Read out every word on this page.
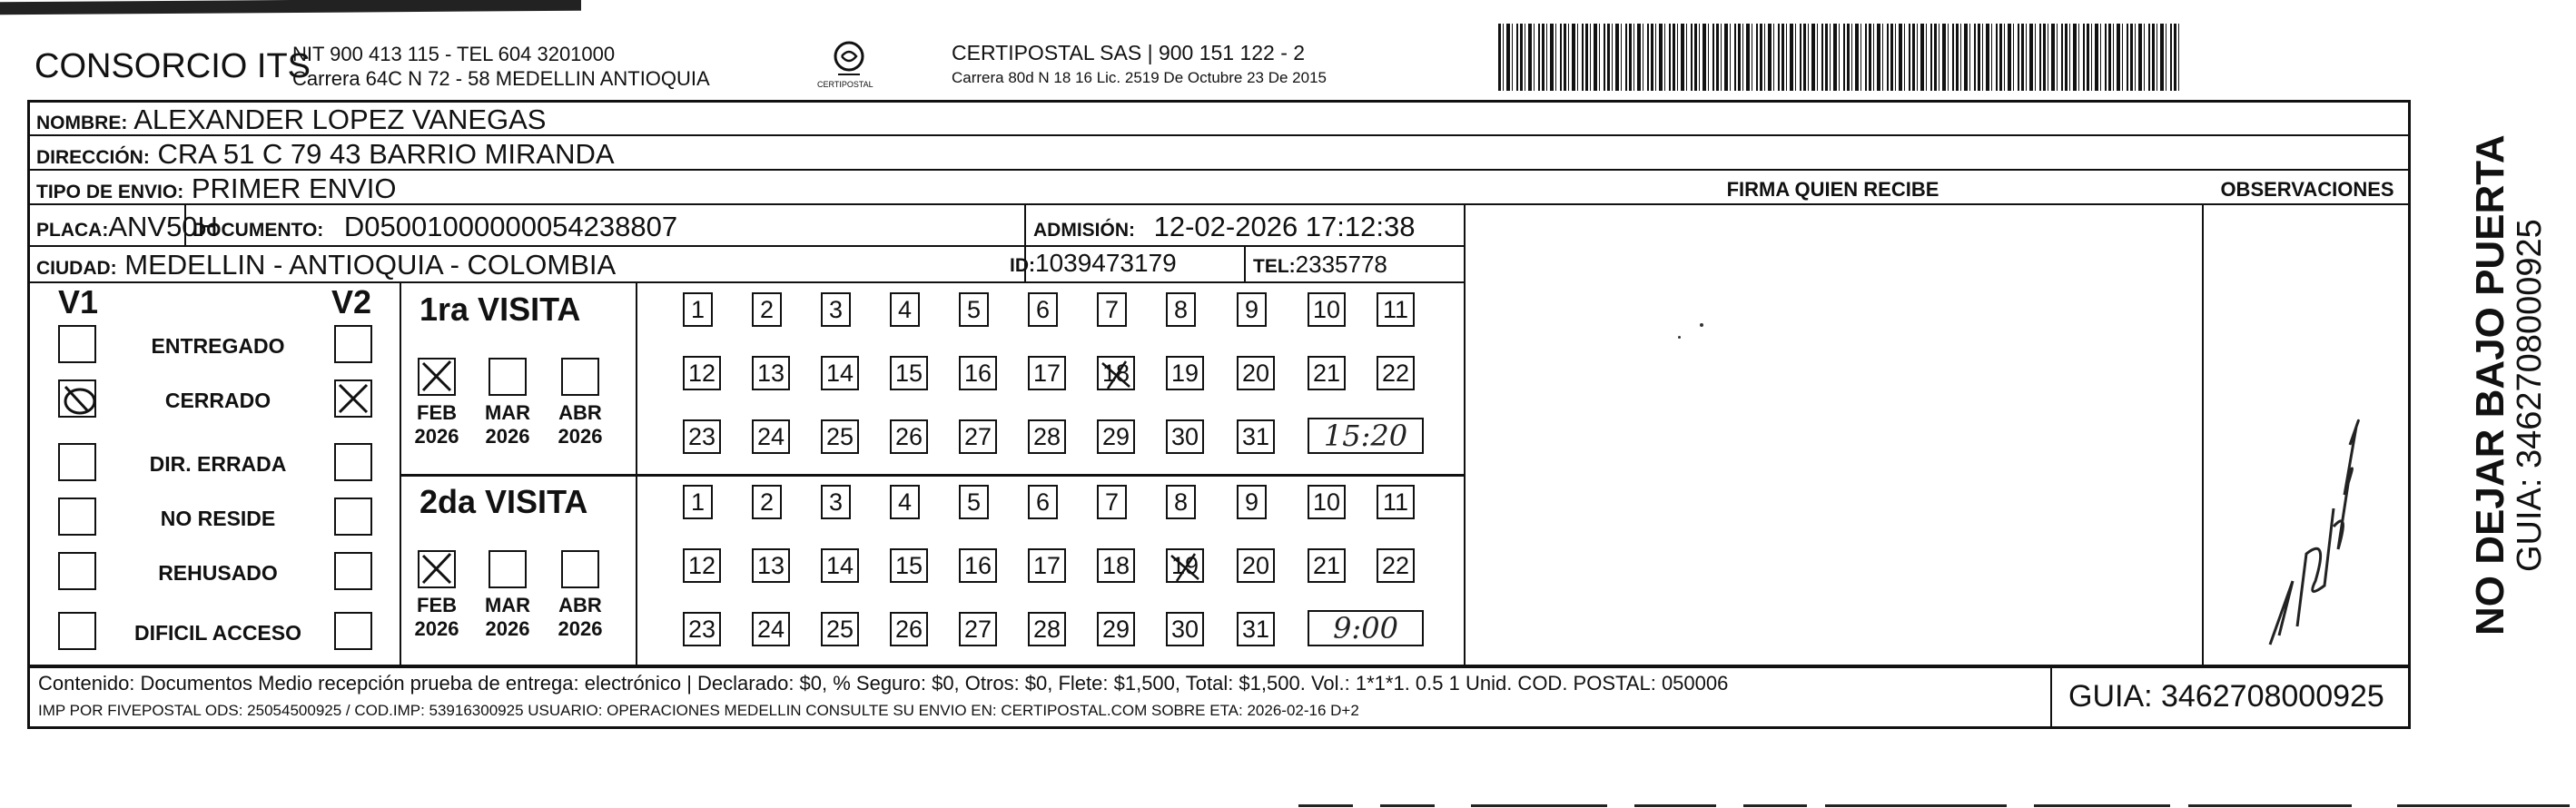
CONSORCIO ITS
NIT 900 413 115 - TEL 604 3201000
Carrera 64C N 72 - 58 MEDELLIN ANTIOQUIA	CERTIPOSTAL
CERTIPOSTAL SAS | 900 151 122 - 2
Carrera 80d N 18 16 Lic. 2519 De Octubre 23 De 2015
NOMBRE: ALEXANDER LOPEZ VANEGAS
DIRECCIÓN: CRA 51 C 79 43 BARRIO MIRANDA
TIPO DE ENVIO: PRIMER ENVIO	FIRMA QUIEN RECIBE	OBSERVACIONES
PLACA:ANV50H
DOCUMENTO: D05001000000054238807	ADMISIÓN: 12-02-2026 17:12:38
CIUDAD: MEDELLIN - ANTIOQUIA - COLOMBIA	ID:1039473179	TEL:2335778
V1	V2
ENTREGADO
CERRADO
DIR. ERRADA
NO RESIDE
REHUSADO
DIFICIL ACCESO
1ra VISITA
2da VISITA
FEB
2026
MAR
2026
ABR
2026
FEB
2026
MAR
2026
ABR
2026
1	2	3	4	5	6	7	8	9	10 11
12 13 14 15 16 17 18 19 20 21 22
23 24 25 26 27 28 29 30 31
1	2	3	4	5	6	7	8	9	10 11
12 13 14 15 16 17 18 19 20 21 22
23 24 25 26 27 28 29 30 31
15:20
9:00	NO DEJAR BAJO PUERTA
GUIA: 3462708000925
Contenido: Documentos Medio recepción prueba de entrega: electrónico | Declarado: $0, % Seguro: $0, Otros: $0, Flete: $1,500, Total: $1,500. Vol.: 1*1*1. 0.5 1 Unid. COD. POSTAL: 050006
IMP POR FIVEPOSTAL ODS: 25054500925 / COD.IMP: 53916300925 USUARIO: OPERACIONES MEDELLIN CONSULTE SU ENVIO EN: CERTIPOSTAL.COM SOBRE ETA: 2026-02-16 D+2	GUIA: 3462708000925
